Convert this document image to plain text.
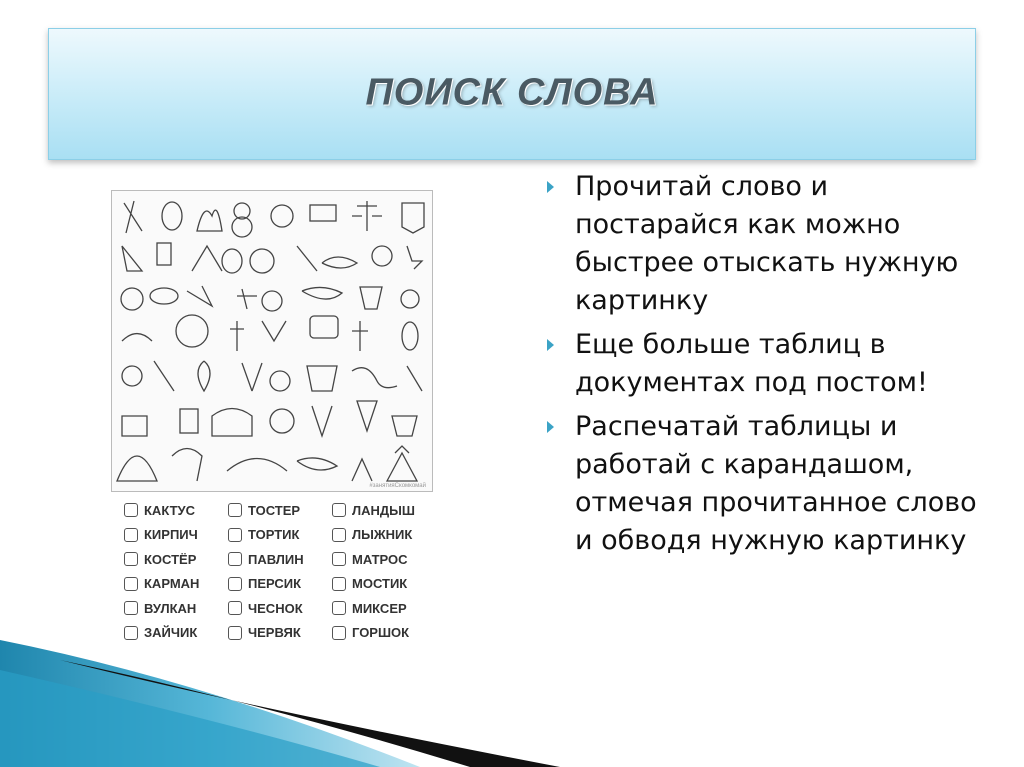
ПОИСК СЛОВА
#занятияСкомкомай
КАКТУС
КИРПИЧ
КОСТЁР
КАРМАН
ВУЛКАН
ЗАЙЧИК
ТОСТЕР
ТОРТИК
ПАВЛИН
ПЕРСИК
ЧЕСНОК
ЧЕРВЯК
ЛАНДЫШ
ЛЫЖНИК
МАТРОС
МОСТИК
МИКСЕР
ГОРШОК
Прочитай слово и постарайся как можно быстрее отыскать нужную картинку
Еще больше таблиц в документах под постом!
Распечатай таблицы и работай с карандашом, отмечая прочитанное слово и обводя нужную картинку
